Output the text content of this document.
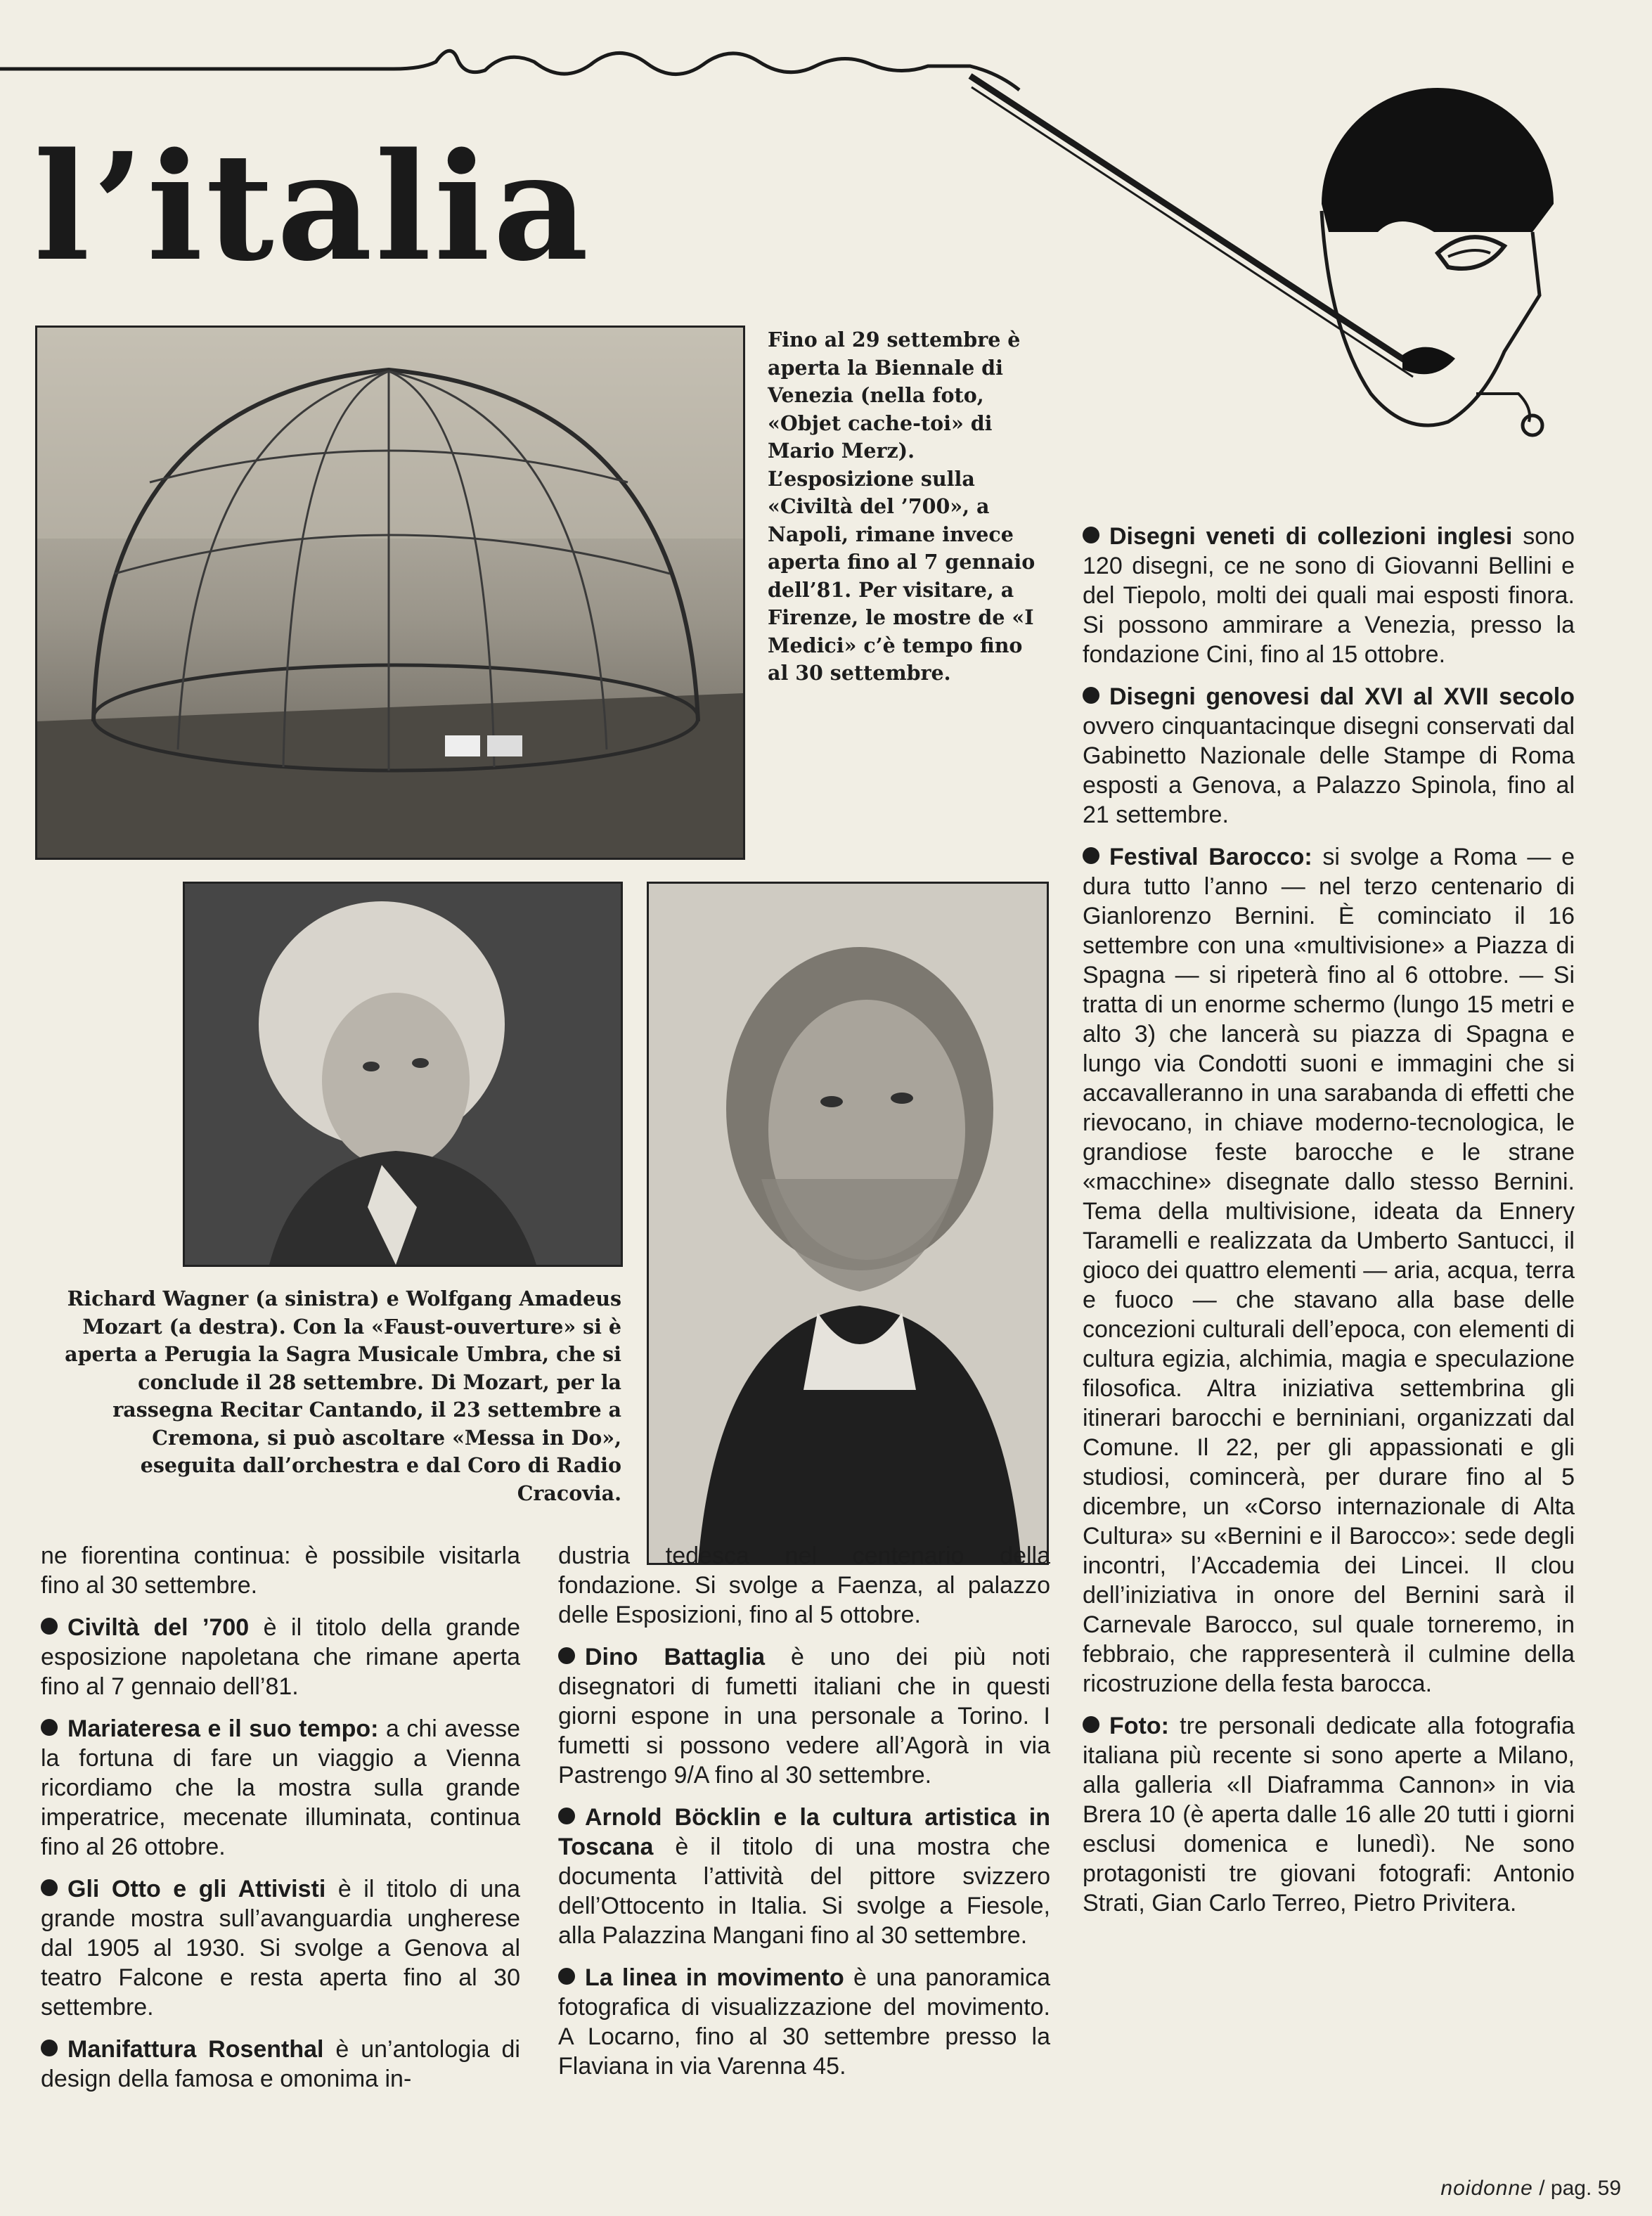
l’italia

Fino al 29 settembre è aperta la Biennale di Venezia (nella foto, «Objet cache-toi» di Mario Merz). L’esposizione sulla «Civiltà del ’700», a Napoli, rimane invece aperta fino al 7 gennaio dell’81. Per visitare, a Firenze, le mostre de «I Medici» c’è tempo fino al 30 settembre.

Richard Wagner (a sinistra) e Wolfgang Amadeus Mozart (a destra). Con la «Faust-ouverture» si è aperta a Perugia la Sagra Musicale Umbra, che si conclude il 28 settembre. Di Mozart, per la rassegna Recitar Cantando, il 23 settembre a Cremona, si può ascoltare «Messa in Do», eseguita dall’orchestra e dal Coro di Radio Cracovia.

ne fiorentina continua: è possibile visitarla fino al 30 settembre.

Civiltà del ’700 è il titolo della grande esposizione napoletana che rimane aperta fino al 7 gennaio dell’81.

Mariateresa e il suo tempo: a chi avesse la fortuna di fare un viaggio a Vienna ricordiamo che la mostra sulla grande imperatrice, mecenate illuminata, continua fino al 26 ottobre.

Gli Otto e gli Attivisti è il titolo di una grande mostra sull’avanguardia ungherese dal 1905 al 1930. Si svolge a Genova al teatro Falcone e resta aperta fino al 30 settembre.

Manifattura Rosenthal è un’antologia di design della famosa e omonima in-

dustria tedesca nel centenario della fondazione. Si svolge a Faenza, al palazzo delle Esposizioni, fino al 5 ottobre.

Dino Battaglia è uno dei più noti disegnatori di fumetti italiani che in questi giorni espone in una personale a Torino. I fumetti si possono vedere all’Agorà in via Pastrengo 9/A fino al 30 settembre.

Arnold Böcklin e la cultura artistica in Toscana è il titolo di una mostra che documenta l’attività del pittore svizzero dell’Ottocento in Italia. Si svolge a Fiesole, alla Palazzina Mangani fino al 30 settembre.

La linea in movimento è una panoramica fotografica di visualizzazione del movimento. A Locarno, fino al 30 settembre presso la Flaviana in via Varenna 45.

Disegni veneti di collezioni inglesi sono 120 disegni, ce ne sono di Giovanni Bellini e del Tiepolo, molti dei quali mai esposti finora. Si possono ammirare a Venezia, presso la fondazione Cini, fino al 15 ottobre.

Disegni genovesi dal XVI al XVII secolo ovvero cinquantacinque disegni conservati dal Gabinetto Nazionale delle Stampe di Roma esposti a Genova, a Palazzo Spinola, fino al 21 settembre.

Festival Barocco: si svolge a Roma — e dura tutto l’anno — nel terzo centenario di Gianlorenzo Bernini. È cominciato il 16 settembre con una «multivisione» a Piazza di Spagna — si ripeterà fino al 6 ottobre. — Si tratta di un enorme schermo (lungo 15 metri e alto 3) che lancerà su piazza di Spagna e lungo via Condotti suoni e immagini che si accavalleranno in una sarabanda di effetti che rievocano, in chiave moderno-tecnologica, le grandiose feste barocche e le strane «macchine» disegnate dallo stesso Bernini. Tema della multivisione, ideata da Ennery Taramelli e realizzata da Umberto Santucci, il gioco dei quattro elementi — aria, acqua, terra e fuoco — che stavano alla base delle concezioni culturali dell’epoca, con elementi di cultura egizia, alchimia, magia e speculazione filosofica. Altra iniziativa settembrina gli itinerari barocchi e berniniani, organizzati dal Comune. Il 22, per gli appassionati e gli studiosi, comincerà, per durare fino al 5 dicembre, un «Corso internazionale di Alta Cultura» su «Bernini e il Barocco»: sede degli incontri, l’Accademia dei Lincei. Il clou dell’iniziativa in onore del Bernini sarà il Carnevale Barocco, sul quale torneremo, in febbraio, che rappresenterà il culmine della ricostruzione della festa barocca.

Foto: tre personali dedicate alla fotografia italiana più recente si sono aperte a Milano, alla galleria «Il Diaframma Cannon» in via Brera 10 (è aperta dalle 16 alle 20 tutti i giorni esclusi domenica e lunedì). Ne sono protagonisti tre giovani fotografi: Antonio Strati, Gian Carlo Terreo, Pietro Privitera.

noidonne / pag. 59
